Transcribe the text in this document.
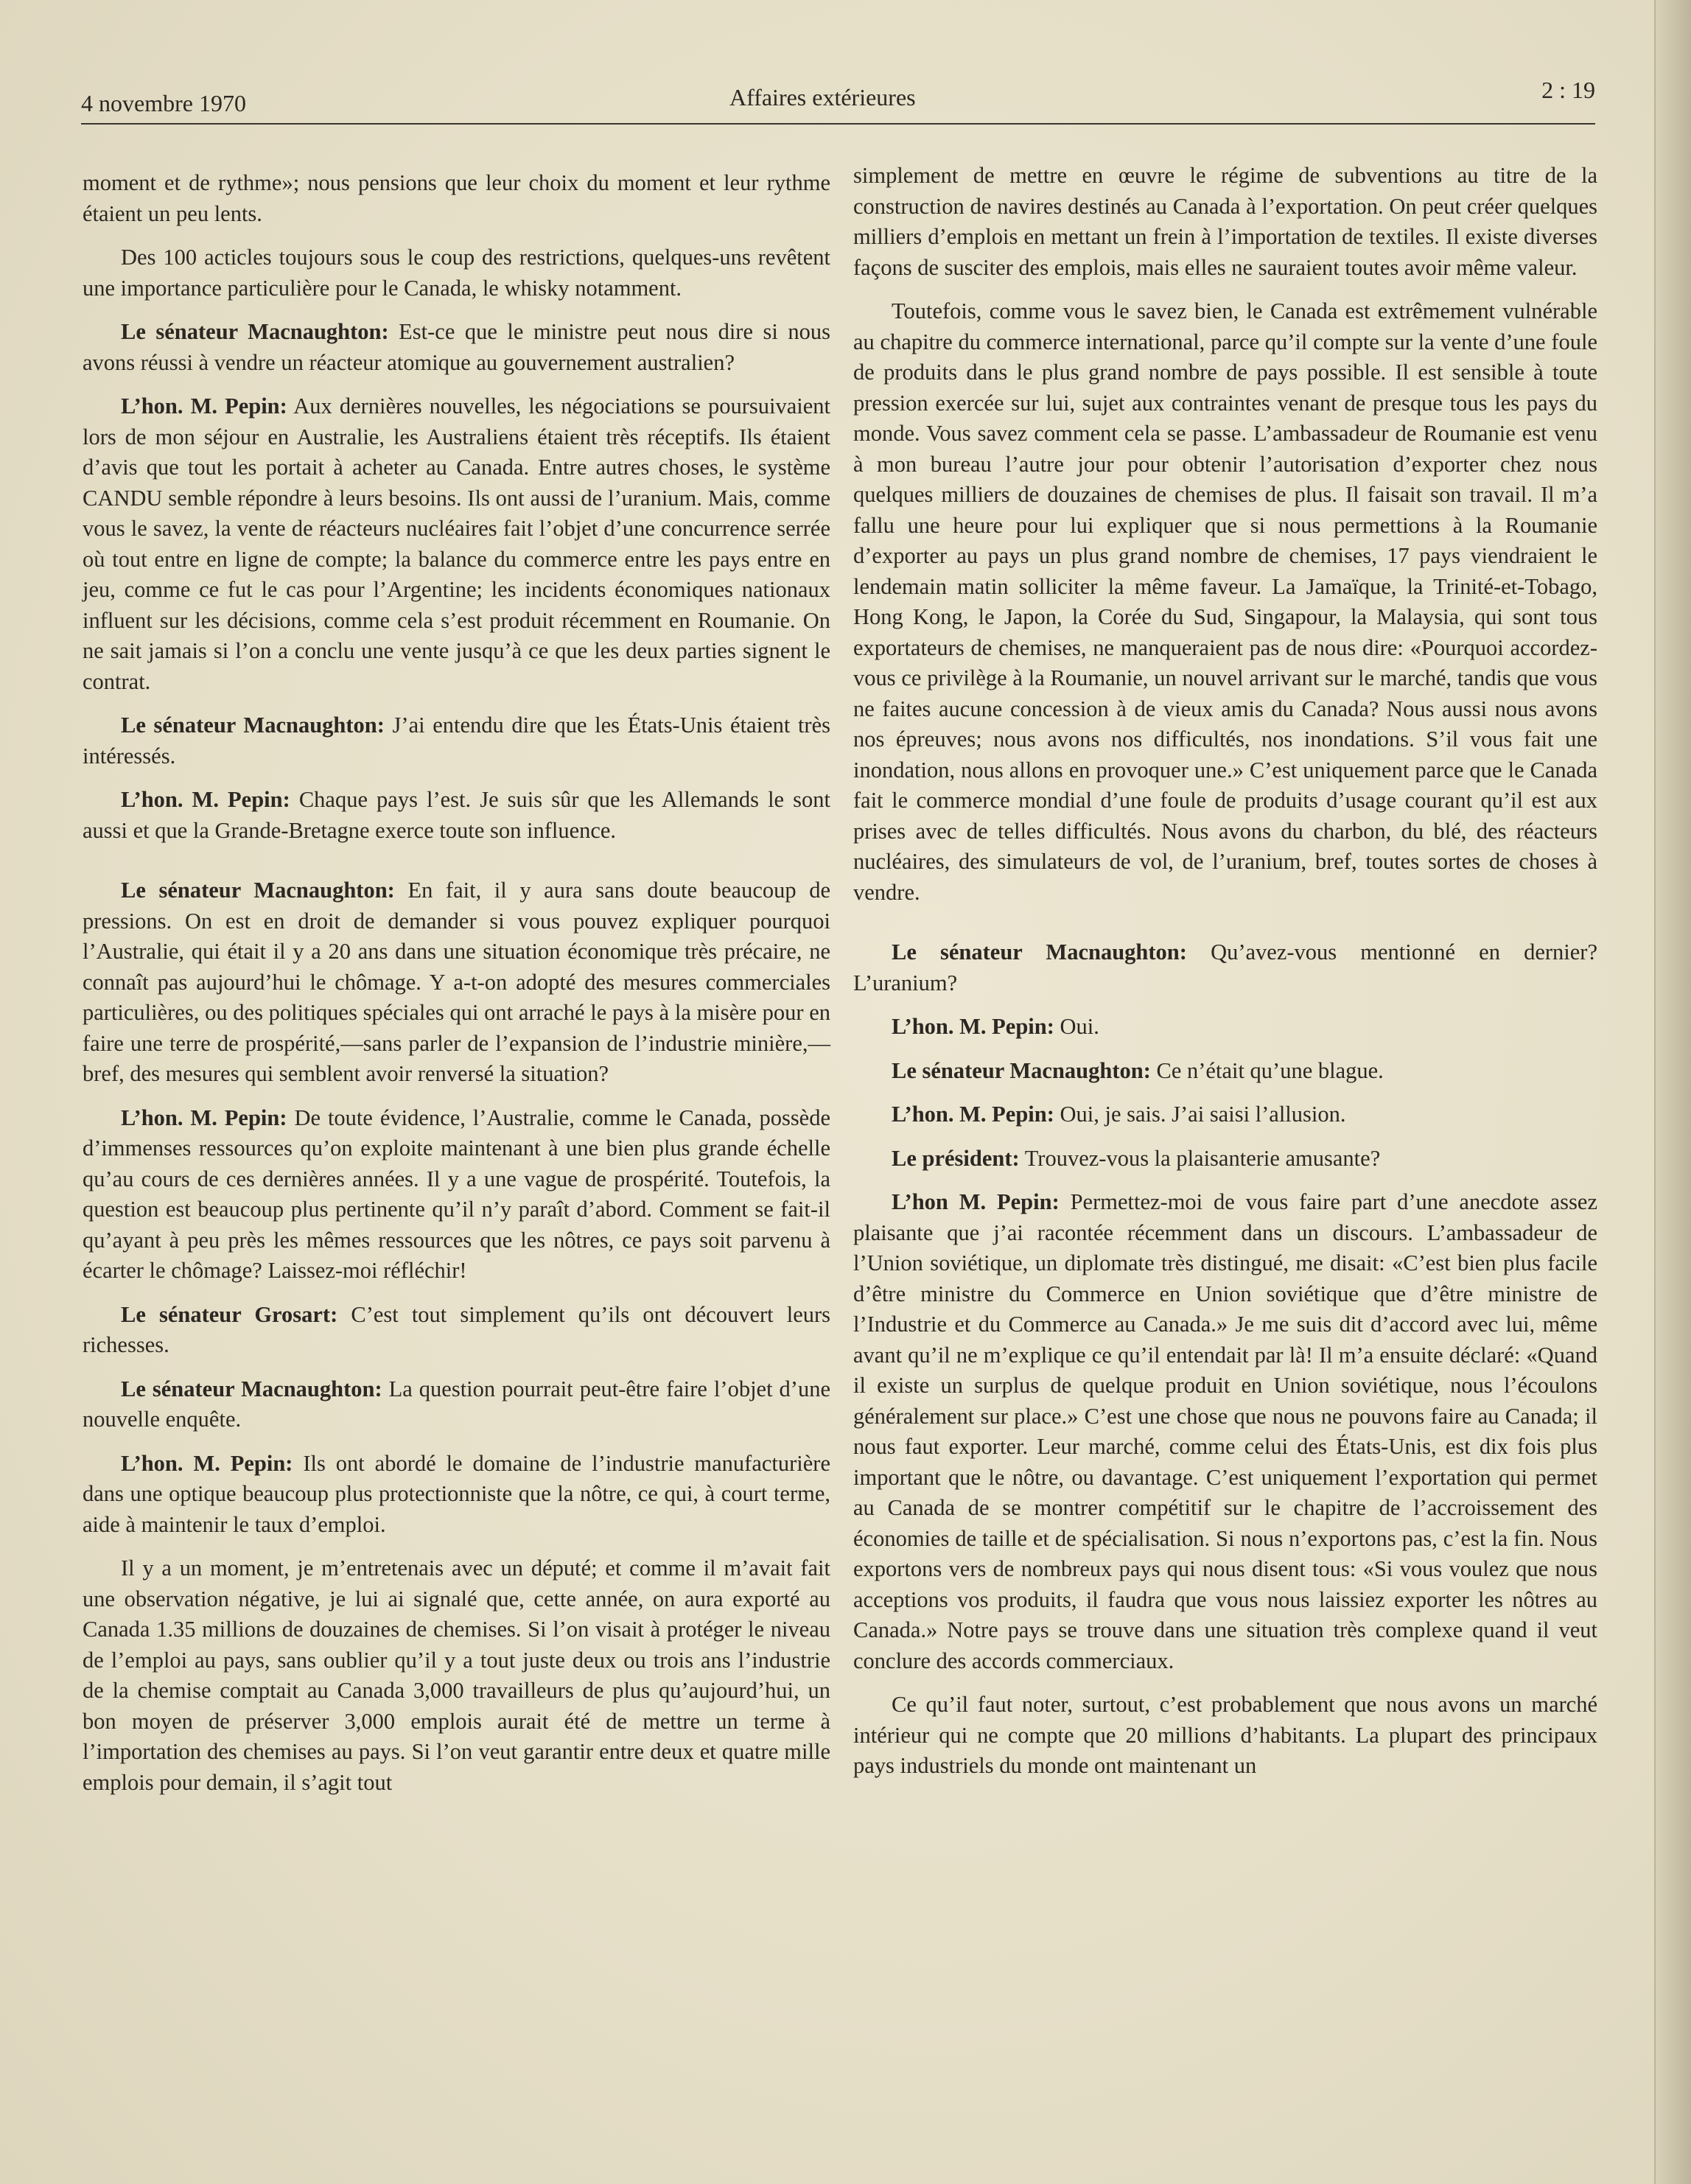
4 novembre 1970	Affaires extérieures	2 : 19

moment et de rythme»; nous pensions que leur choix du moment et leur rythme étaient un peu lents.

Des 100 acticles toujours sous le coup des restrictions, quelques-uns revêtent une importance particulière pour le Canada, le whisky notamment.

Le sénateur Macnaughton: Est-ce que le ministre peut nous dire si nous avons réussi à vendre un réacteur atomique au gouvernement australien?

L’hon. M. Pepin: Aux dernières nouvelles, les négociations se poursuivaient lors de mon séjour en Australie, les Australiens étaient très réceptifs. Ils étaient d’avis que tout les portait à acheter au Canada. Entre autres choses, le système CANDU semble répondre à leurs besoins. Ils ont aussi de l’uranium. Mais, comme vous le savez, la vente de réacteurs nucléaires fait l’objet d’une concurrence serrée où tout entre en ligne de compte; la balance du commerce entre les pays entre en jeu, comme ce fut le cas pour l’Argentine; les incidents économiques nationaux influent sur les décisions, comme cela s’est produit récemment en Roumanie. On ne sait jamais si l’on a conclu une vente jusqu’à ce que les deux parties signent le contrat.

Le sénateur Macnaughton: J’ai entendu dire que les États-Unis étaient très intéressés.

L’hon. M. Pepin: Chaque pays l’est. Je suis sûr que les Allemands le sont aussi et que la Grande-Bretagne exerce toute son influence.

Le sénateur Macnaughton: En fait, il y aura sans doute beaucoup de pressions. On est en droit de demander si vous pouvez expliquer pourquoi l’Australie, qui était il y a 20 ans dans une situation économique très précaire, ne connaît pas aujourd’hui le chômage. Y a-t-on adopté des mesures commerciales particulières, ou des politiques spéciales qui ont arraché le pays à la misère pour en faire une terre de prospérité,—sans parler de l’expansion de l’industrie minière,—bref, des mesures qui semblent avoir renversé la situation?

L’hon. M. Pepin: De toute évidence, l’Australie, comme le Canada, possède d’immenses ressources qu’on exploite maintenant à une bien plus grande échelle qu’au cours de ces dernières années. Il y a une vague de prospérité. Toutefois, la question est beaucoup plus pertinente qu’il n’y paraît d’abord. Comment se fait-il qu’ayant à peu près les mêmes ressources que les nôtres, ce pays soit parvenu à écarter le chômage? Laissez-moi réfléchir!

Le sénateur Grosart: C’est tout simplement qu’ils ont découvert leurs richesses.

Le sénateur Macnaughton: La question pourrait peut-être faire l’objet d’une nouvelle enquête.

L’hon. M. Pepin: Ils ont abordé le domaine de l’industrie manufacturière dans une optique beaucoup plus protectionniste que la nôtre, ce qui, à court terme, aide à maintenir le taux d’emploi.

Il y a un moment, je m’entretenais avec un député; et comme il m’avait fait une observation négative, je lui ai signalé que, cette année, on aura exporté au Canada 1.35 millions de douzaines de chemises. Si l’on visait à protéger le niveau de l’emploi au pays, sans oublier qu’il y a tout juste deux ou trois ans l’industrie de la chemise comptait au Canada 3,000 travailleurs de plus qu’aujourd’hui, un bon moyen de préserver 3,000 emplois aurait été de mettre un terme à l’importation des chemises au pays. Si l’on veut garantir entre deux et quatre mille emplois pour demain, il s’agit tout

simplement de mettre en œuvre le régime de subventions au titre de la construction de navires destinés au Canada à l’exportation. On peut créer quelques milliers d’emplois en mettant un frein à l’importation de textiles. Il existe diverses façons de susciter des emplois, mais elles ne sauraient toutes avoir même valeur.

Toutefois, comme vous le savez bien, le Canada est extrêmement vulnérable au chapitre du commerce international, parce qu’il compte sur la vente d’une foule de produits dans le plus grand nombre de pays possible. Il est sensible à toute pression exercée sur lui, sujet aux contraintes venant de presque tous les pays du monde. Vous savez comment cela se passe. L’ambassadeur de Roumanie est venu à mon bureau l’autre jour pour obtenir l’autorisation d’exporter chez nous quelques milliers de douzaines de chemises de plus. Il faisait son travail. Il m’a fallu une heure pour lui expliquer que si nous permettions à la Roumanie d’exporter au pays un plus grand nombre de chemises, 17 pays viendraient le lendemain matin solliciter la même faveur. La Jamaïque, la Trinité-et-Tobago, Hong Kong, le Japon, la Corée du Sud, Singapour, la Malaysia, qui sont tous exportateurs de chemises, ne manqueraient pas de nous dire: «Pourquoi accordez-vous ce privilège à la Roumanie, un nouvel arrivant sur le marché, tandis que vous ne faites aucune concession à de vieux amis du Canada? Nous aussi nous avons nos épreuves; nous avons nos difficultés, nos inondations. S’il vous fait une inondation, nous allons en provoquer une.» C’est uniquement parce que le Canada fait le commerce mondial d’une foule de produits d’usage courant qu’il est aux prises avec de telles difficultés. Nous avons du charbon, du blé, des réacteurs nucléaires, des simulateurs de vol, de l’uranium, bref, toutes sortes de choses à vendre.

Le sénateur Macnaughton: Qu’avez-vous mentionné en dernier? L’uranium?

L’hon. M. Pepin: Oui.

Le sénateur Macnaughton: Ce n’était qu’une blague.

L’hon. M. Pepin: Oui, je sais. J’ai saisi l’allusion.

Le président: Trouvez-vous la plaisanterie amusante?

L’hon M. Pepin: Permettez-moi de vous faire part d’une anecdote assez plaisante que j’ai racontée récemment dans un discours. L’ambassadeur de l’Union soviétique, un diplomate très distingué, me disait: «C’est bien plus facile d’être ministre du Commerce en Union soviétique que d’être ministre de l’Industrie et du Commerce au Canada.» Je me suis dit d’accord avec lui, même avant qu’il ne m’explique ce qu’il entendait par là! Il m’a ensuite déclaré: «Quand il existe un surplus de quelque produit en Union soviétique, nous l’écoulons généralement sur place.» C’est une chose que nous ne pouvons faire au Canada; il nous faut exporter. Leur marché, comme celui des États-Unis, est dix fois plus important que le nôtre, ou davantage. C’est uniquement l’exportation qui permet au Canada de se montrer compétitif sur le chapitre de l’accroissement des économies de taille et de spécialisation. Si nous n’exportons pas, c’est la fin. Nous exportons vers de nombreux pays qui nous disent tous: «Si vous voulez que nous acceptions vos produits, il faudra que vous nous laissiez exporter les nôtres au Canada.» Notre pays se trouve dans une situation très complexe quand il veut conclure des accords commerciaux.

Ce qu’il faut noter, surtout, c’est probablement que nous avons un marché intérieur qui ne compte que 20 millions d’habitants. La plupart des principaux pays industriels du monde ont maintenant un
